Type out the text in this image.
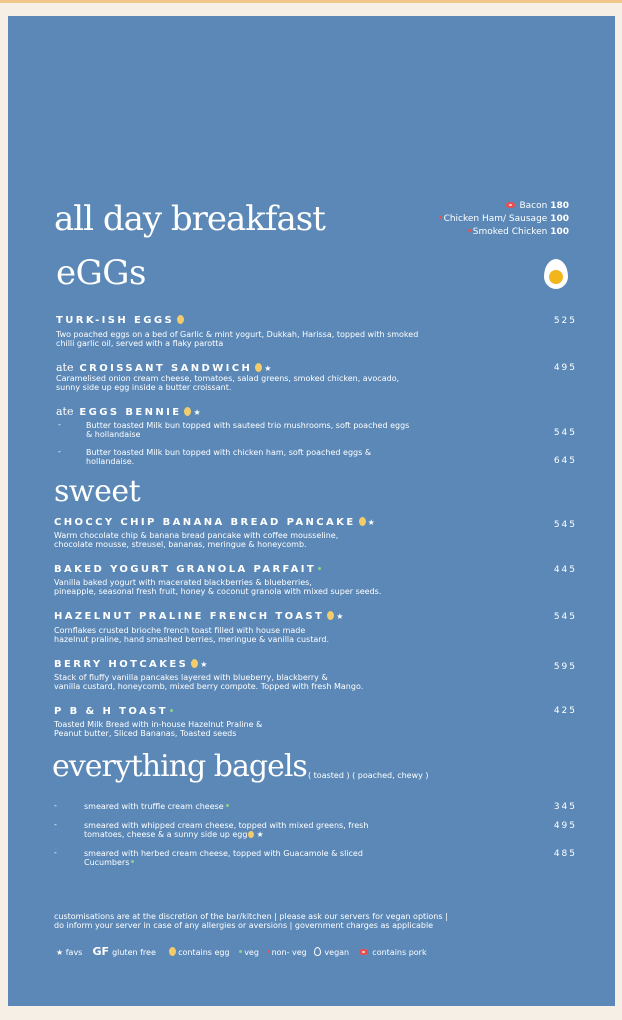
Bacon 180
Chicken Ham/ Sausage 100
Smoked Chicken 100
all day breakfast
eGGs
TURK-ISH EGGS	525
Two poached eggs on a bed of Garlic & mint yogurt, Dukkah, Harissa, topped with smoked
chilli garlic oil, served with a flaky parotta
ate CROISSANT SANDWICH ★	495
Caramelised onion cream cheese, tomatoes, salad greens, smoked chicken, avocado,
sunny side up egg inside a butter croissant.
ate EGGS BENNIE ★
-	Butter toasted Milk bun topped with sauteed trio mushrooms, soft poached eggs
& hollandaise	545
-	Butter toasted Milk bun topped with chicken ham, soft poached eggs &
hollandaise.	645
sweet
CHOCCY CHIP BANANA BREAD PANCAKE ★	545
Warm chocolate chip & banana bread pancake with coffee mousseline,
chocolate mousse, streusel, bananas, meringue & honeycomb.
BAKED YOGURT GRANOLA PARFAIT	445
Vanilla baked yogurt with macerated blackberries & blueberries,
pineapple, seasonal fresh fruit, honey & coconut granola with mixed super seeds.
HAZELNUT PRALINE FRENCH TOAST ★	545
Cornflakes crusted brioche french toast filled with house made
hazelnut praline, hand smashed berries, meringue & vanilla custard.
BERRY HOTCAKES ★	595
Stack of fluffy vanilla pancakes layered with blueberry, blackberry &
vanilla custard, honeycomb, mixed berry compote. Topped with fresh Mango.
P B & H TOAST	425
Toasted Milk Bread with in-house Hazelnut Praline &
Peanut butter, Sliced Bananas, Toasted seeds
everything bagels ( toasted ) ( poached, chewy )
-	smeared with truffle cream cheese	345
-	smeared with whipped cream cheese, topped with mixed greens, fresh
tomatoes, cheese & a sunny side up egg ★
495
-	smeared with herbed cream cheese, topped with Guacamole & sliced
Cucumbers
485
customisations are at the discretion of the bar/kitchen | please ask our servers for vegan options |
do inform your server in case of any allergies or aversions | government charges as applicable
★ favs GF gluten free	contains egg veg non- veg vegan	contains pork
